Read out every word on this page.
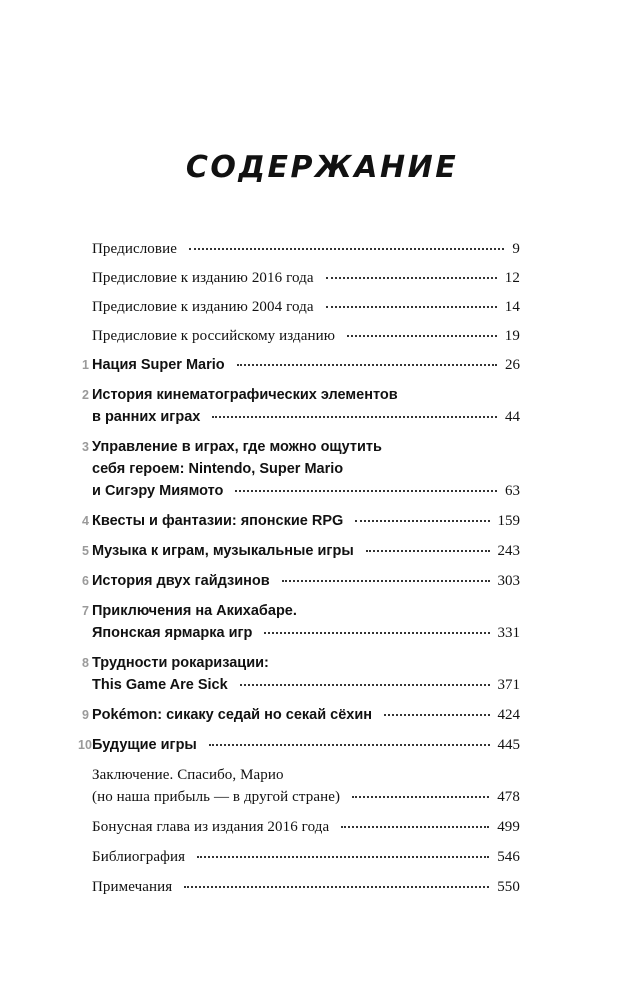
СОДЕРЖАНИЕ
Предисловие	9
Предисловие к изданию 2016 года	12
Предисловие к изданию 2004 года	14
Предисловие к российскому изданию	19
1 Нация Super Mario	26
2 История кинематографических элементов
в ранних играх	44
3 Управление в играх, где можно ощутить
себя героем: Nintendo, Super Mario
и Сигэру Миямото	63
4 Квесты и фантазии: японские RPG	159
5 Музыка к играм, музыкальные игры	243
6 История двух гайдзинов	303
7 Приключения на Акихабаре.
Японская ярмарка игр	331
8 Трудности рокаризации:
This Game Are Sick	371
9 Pokémon: сикаку седай но секай сёхин	424
10 Будущие игры	445
Заключение. Спасибо, Марио
(но наша прибыль — в другой стране)	478
Бонусная глава из издания 2016 года	499
Библиография	546
Примечания	550
